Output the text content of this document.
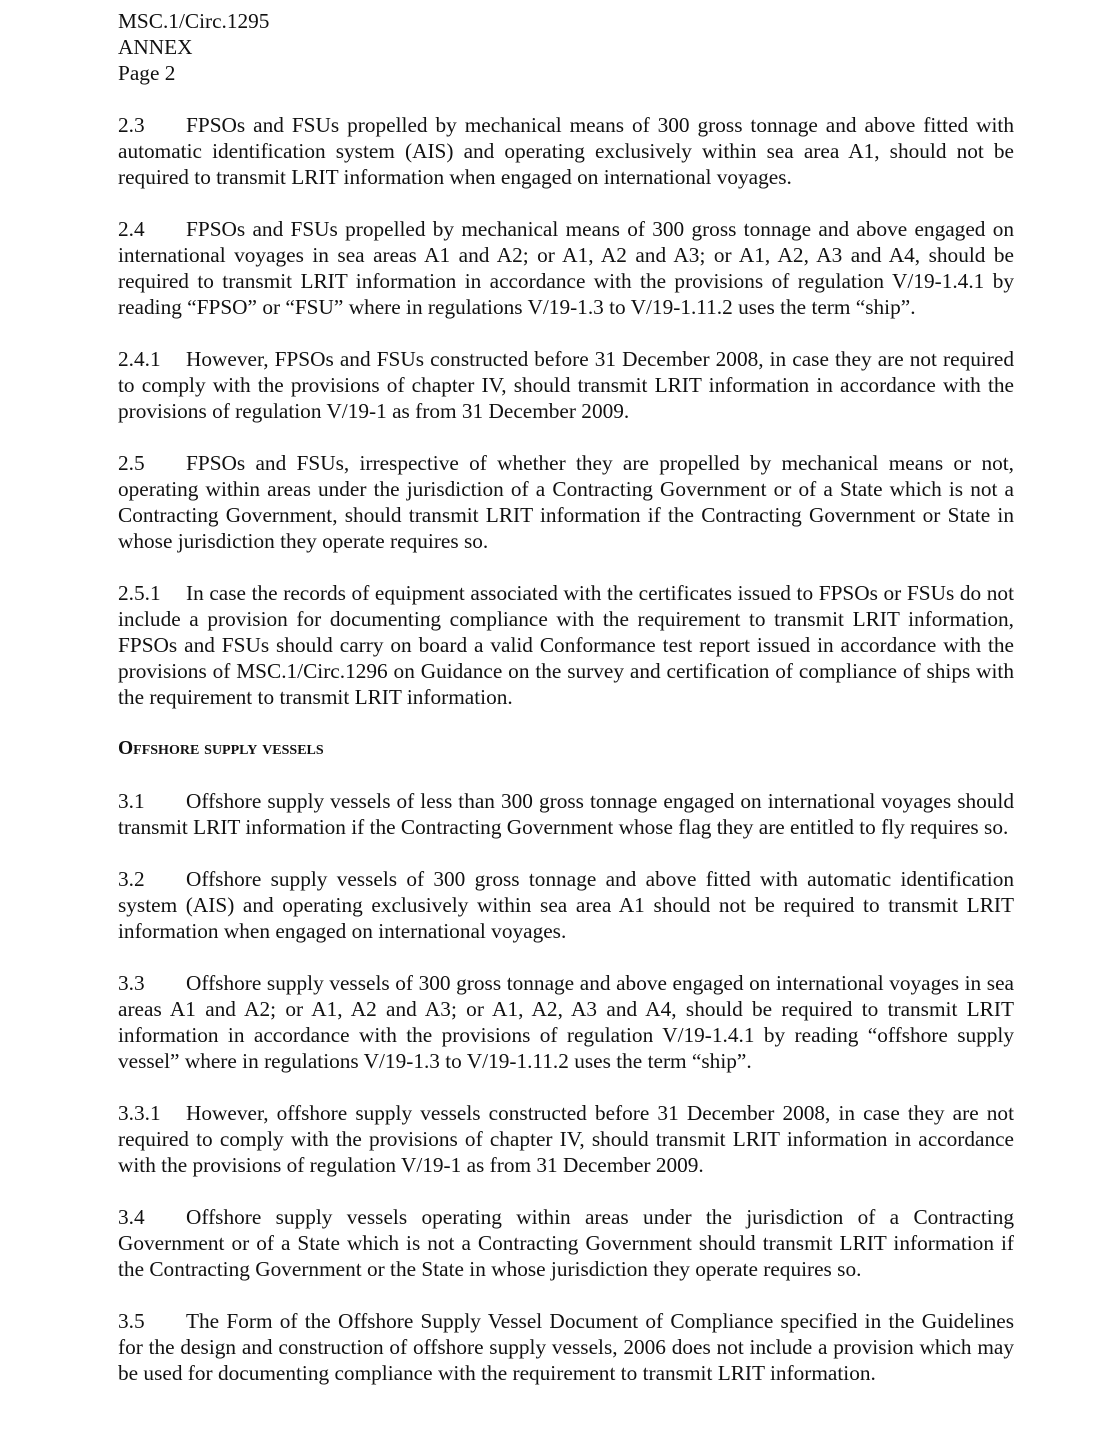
MSC.1/Circ.1295
ANNEX
Page 2

2.3 FPSOs and FSUs propelled by mechanical means of 300 gross tonnage and above fitted with automatic identification system (AIS) and operating exclusively within sea area A1, should not be required to transmit LRIT information when engaged on international voyages.

2.4 FPSOs and FSUs propelled by mechanical means of 300 gross tonnage and above engaged on international voyages in sea areas A1 and A2; or A1, A2 and A3; or A1, A2, A3 and A4, should be required to transmit LRIT information in accordance with the provisions of regulation V/19-1.4.1 by reading “FPSO” or “FSU” where in regulations V/19-1.3 to V/19-1.11.2 uses the term “ship”.

2.4.1 However, FPSOs and FSUs constructed before 31 December 2008, in case they are not required to comply with the provisions of chapter IV, should transmit LRIT information in accordance with the provisions of regulation V/19-1 as from 31 December 2009.

2.5 FPSOs and FSUs, irrespective of whether they are propelled by mechanical means or not, operating within areas under the jurisdiction of a Contracting Government or of a State which is not a Contracting Government, should transmit LRIT information if the Contracting Government or State in whose jurisdiction they operate requires so.

2.5.1 In case the records of equipment associated with the certificates issued to FPSOs or FSUs do not include a provision for documenting compliance with the requirement to transmit LRIT information, FPSOs and FSUs should carry on board a valid Conformance test report issued in accordance with the provisions of MSC.1/Circ.1296 on Guidance on the survey and certification of compliance of ships with the requirement to transmit LRIT information.

Offshore supply vessels

3.1 Offshore supply vessels of less than 300 gross tonnage engaged on international voyages should transmit LRIT information if the Contracting Government whose flag they are entitled to fly requires so.

3.2 Offshore supply vessels of 300 gross tonnage and above fitted with automatic identification system (AIS) and operating exclusively within sea area A1 should not be required to transmit LRIT information when engaged on international voyages.

3.3 Offshore supply vessels of 300 gross tonnage and above engaged on international voyages in sea areas A1 and A2; or A1, A2 and A3; or A1, A2, A3 and A4, should be required to transmit LRIT information in accordance with the provisions of regulation V/19-1.4.1 by reading “offshore supply vessel” where in regulations V/19-1.3 to V/19-1.11.2 uses the term “ship”.

3.3.1 However, offshore supply vessels constructed before 31 December 2008, in case they are not required to comply with the provisions of chapter IV, should transmit LRIT information in accordance with the provisions of regulation V/19-1 as from 31 December 2009.

3.4 Offshore supply vessels operating within areas under the jurisdiction of a Contracting Government or of a State which is not a Contracting Government should transmit LRIT information if the Contracting Government or the State in whose jurisdiction they operate requires so.

3.5 The Form of the Offshore Supply Vessel Document of Compliance specified in the Guidelines for the design and construction of offshore supply vessels, 2006 does not include a provision which may be used for documenting compliance with the requirement to transmit LRIT information.
